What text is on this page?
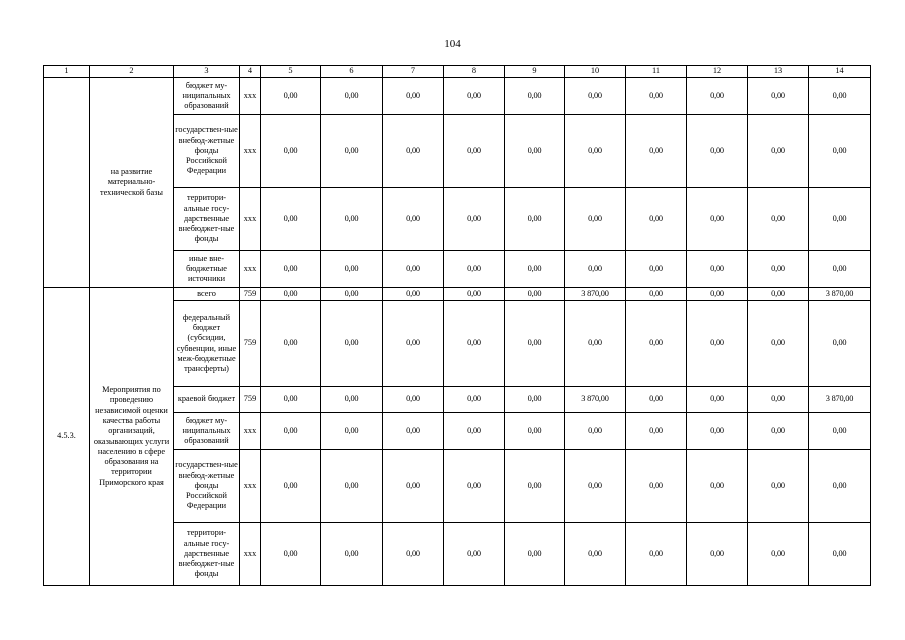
104
1	2	3	4	5	6	7	8	9	10	11	12	13	14
	на развитие материально-технической базы	бюджет му-ниципальных образований	xxx	0,00	0,00	0,00	0,00	0,00	0,00	0,00	0,00	0,00	0,00
		государствен-ные внебюд-жетные фонды Российской Федерации	xxx	0,00	0,00	0,00	0,00	0,00	0,00	0,00	0,00	0,00	0,00
		территори-альные госу-дарственные внебюджет-ные фонды	xxx	0,00	0,00	0,00	0,00	0,00	0,00	0,00	0,00	0,00	0,00
		иные вне-бюджетные источники	xxx	0,00	0,00	0,00	0,00	0,00	0,00	0,00	0,00	0,00	0,00
4.5.3.	Мероприятия по проведению независимой оценки качества работы организаций, оказывающих услуги населению в сфере образования на территории Приморского края	всего	759	0,00	0,00	0,00	0,00	0,00	3 870,00	0,00	0,00	0,00	3 870,00
		федеральный бюджет (субсидии, субвенции, иные меж-бюджетные трансферты)	759	0,00	0,00	0,00	0,00	0,00	0,00	0,00	0,00	0,00	0,00
		краевой бюджет	759	0,00	0,00	0,00	0,00	0,00	3 870,00	0,00	0,00	0,00	3 870,00
		бюджет му-ниципальных образований	xxx	0,00	0,00	0,00	0,00	0,00	0,00	0,00	0,00	0,00	0,00
		государствен-ные внебюд-жетные фонды Российской Федерации	xxx	0,00	0,00	0,00	0,00	0,00	0,00	0,00	0,00	0,00	0,00
		территори-альные госу-дарственные внебюджет-ные фонды	xxx	0,00	0,00	0,00	0,00	0,00	0,00	0,00	0,00	0,00	0,00
